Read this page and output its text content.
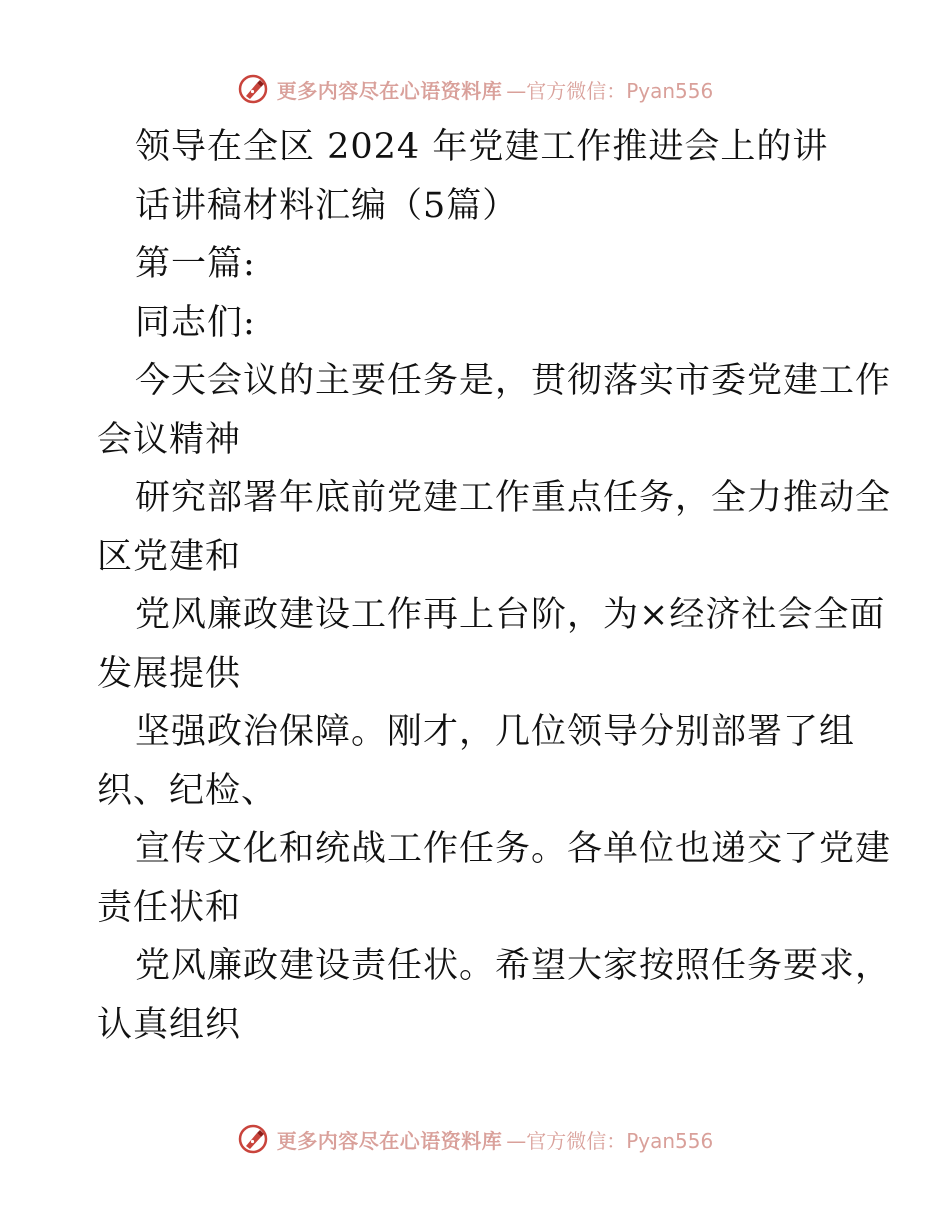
更多内容尽在心语资料库 —官方微信：Pyan556
领导在全区 2024 年党建工作推进会上的讲
话讲稿材料汇编（5篇）
第一篇:
同志们:
今天会议的主要任务是，贯彻落实市委党建工作
会议精神
研究部署年底前党建工作重点任务，全力推动全
区党建和
党风廉政建设工作再上台阶，为×经济社会全面
发展提供
坚强政治保障。刚才，几位领导分别部署了组
织、纪检、
宣传文化和统战工作任务。各单位也递交了党建
责任状和
党风廉政建设责任状。希望大家按照任务要求，
认真组织
更多内容尽在心语资料库 —官方微信：Pyan556
